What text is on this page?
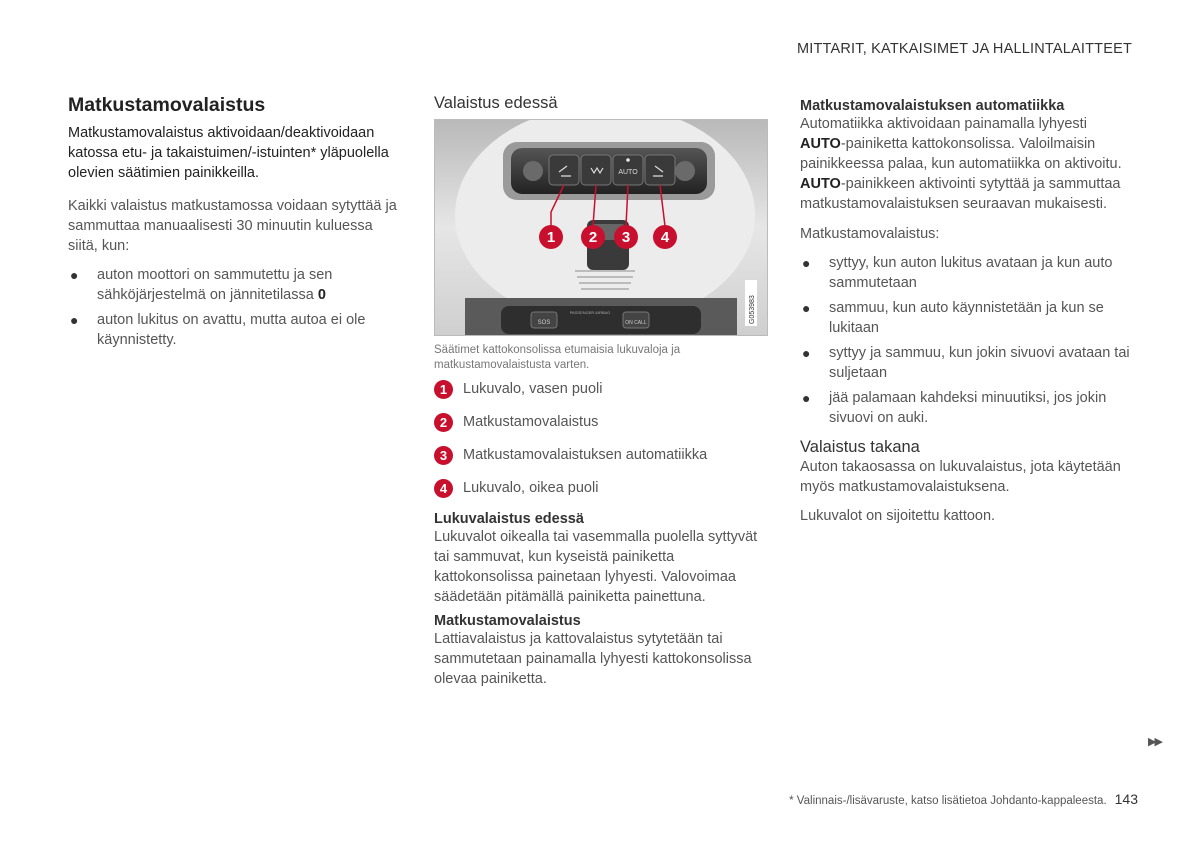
MITTARIT, KATKAISIMET JA HALLINTALAITTEET
Matkustamovalaistus

Matkustamovalaistus aktivoidaan/deaktivoidaan katossa etu- ja takaistuimen/-istuinten* yläpuolella olevien säätimien painikkeilla.

Kaikki valaistus matkustamossa voidaan sytyttää ja sammuttaa manuaalisesti 30 minuutin kuluessa siitä, kun:

● auton moottori on sammutettu ja sen sähköjärjestelmä on jännitetilassa 0
● auton lukitus on avattu, mutta autoa ei ole käynnistetty.
Valaistus edessä
AUTO
SOS	ON CALL
PASSENGER AIRBAG
1 2 3 4
G053983
Säätimet kattokonsolissa etumaisia lukuvaloja ja matkustamovalaistusta varten.
1	Lukuvalo, vasen puoli
2	Matkustamovalaistus
3	Matkustamovalaistuksen automatiikka
4	Lukuvalo, oikea puoli
Lukuvalaistus edessä

Lukuvalot oikealla tai vasemmalla puolella syttyvät tai sammuvat, kun kyseistä painiketta kattokonsolissa painetaan lyhyesti. Valovoimaa säädetään pitämällä painiketta painettuna.

Matkustamovalaistus

Lattiavalaistus ja kattovalaistus sytytetään tai sammutetaan painamalla lyhyesti kattokonsolissa olevaa painiketta.

Matkustamovalaistuksen automatiikka

Automatiikka aktivoidaan painamalla lyhyesti AUTO-painiketta kattokonsolissa. Valoilmaisin painikkeessa palaa, kun automatiikka on aktivoitu. AUTO-painikkeen aktivointi sytyttää ja sammuttaa matkustamovalaistuksen seuraavan mukaisesti.

Matkustamovalaistus:

● syttyy, kun auton lukitus avataan ja kun auto sammutetaan
● sammuu, kun auto käynnistetään ja kun se lukitaan
● syttyy ja sammuu, kun jokin sivuovi avataan tai suljetaan
● jää palamaan kahdeksi minuutiksi, jos jokin sivuovi on auki.
Valaistus takana

Auton takaosassa on lukuvalaistus, jota käytetään myös matkustamovalaistuksena.

Lukuvalot on sijoitettu kattoon.

▶▶
* Valinnais-/lisävaruste, katso lisätietoa Johdanto-kappaleesta. 143
